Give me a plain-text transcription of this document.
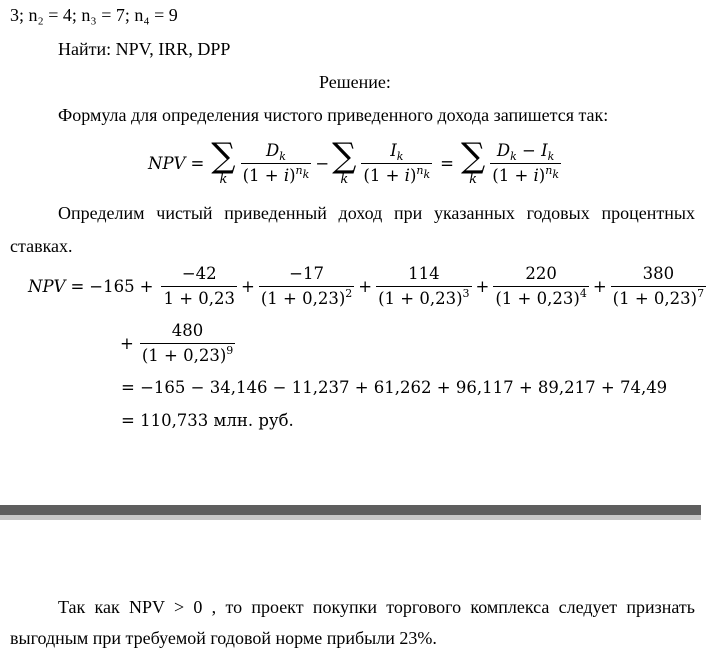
3; n₂ = 4; n₃ = 7; n₄ = 9
Найти: NPV, IRR, DPP
Решение:
Формула для определения чистого приведенного дохода запишется так:
NPV = ∑
k $\frac{D_k}{(1 + i)^{n_k}}$ − ∑
k $\frac{I_k}{(1 + i)^{n_k}}$ = ∑
k $\frac{D_k - I_k}{(1 + i)^{n_k}}$
Определим чистый приведенный доход при указанных годовых процентных
ставках.
NPV = $-165 + \frac{-42}{1 + 0,23} + \frac{-17}{(1 + 0,23)^2} + \frac{114}{(1 + 0,23)^3} + \frac{220}{(1 + 0,23)^4} + \frac{380}{(1 + 0,23)^7}$
+ $\frac{480}{(1 + 0,23)^9}$
= −165 − 34,146 − 11,237 + 61,262 + 96,117 + 89,217 + 74,49
= 110,733 млн. руб.
Так как NPV > 0 , то проект покупки торгового комплекса следует признать
выгодным при требуемой годовой норме прибыли 23%.
